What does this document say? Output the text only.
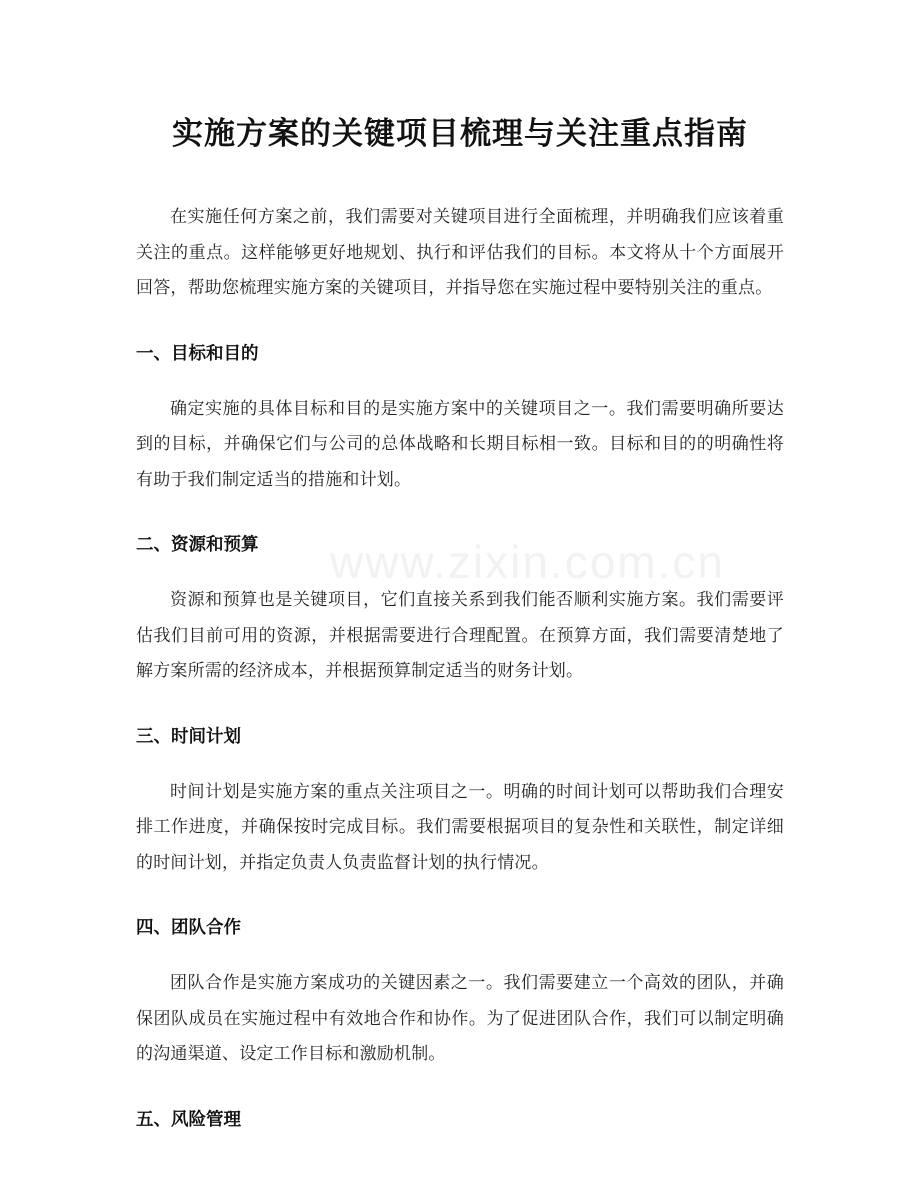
实施方案的关键项目梳理与关注重点指南

在实施任何方案之前，我们需要对关键项目进行全面梳理，并明确我们应该着重关注的重点。这样能够更好地规划、执行和评估我们的目标。本文将从十个方面展开回答，帮助您梳理实施方案的关键项目，并指导您在实施过程中要特别关注的重点。

一、目标和目的

确定实施的具体目标和目的是实施方案中的关键项目之一。我们需要明确所要达到的目标，并确保它们与公司的总体战略和长期目标相一致。目标和目的的明确性将有助于我们制定适当的措施和计划。

二、资源和预算

资源和预算也是关键项目，它们直接关系到我们能否顺利实施方案。我们需要评估我们目前可用的资源，并根据需要进行合理配置。在预算方面，我们需要清楚地了解方案所需的经济成本，并根据预算制定适当的财务计划。

三、时间计划

时间计划是实施方案的重点关注项目之一。明确的时间计划可以帮助我们合理安排工作进度，并确保按时完成目标。我们需要根据项目的复杂性和关联性，制定详细的时间计划，并指定负责人负责监督计划的执行情况。

四、团队合作

团队合作是实施方案成功的关键因素之一。我们需要建立一个高效的团队，并确保团队成员在实施过程中有效地合作和协作。为了促进团队合作，我们可以制定明确的沟通渠道、设定工作目标和激励机制。

五、风险管理
www.zixin.com.cn
